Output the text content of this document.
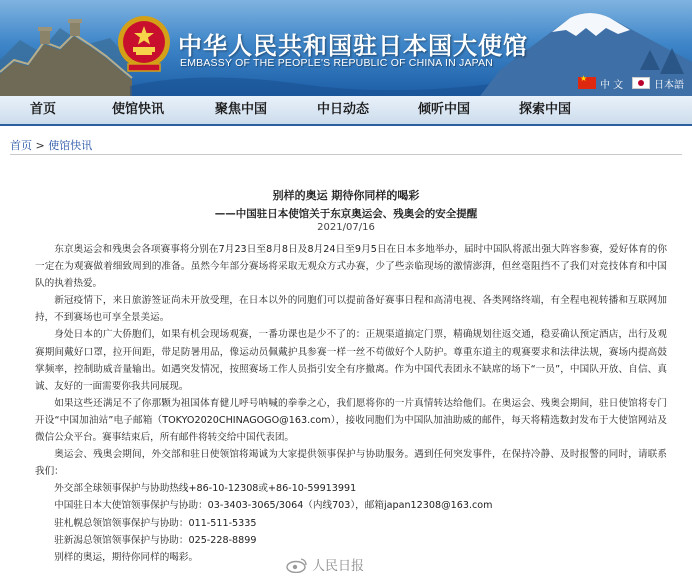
中华人民共和国驻日本国大使馆
EMBASSY OF THE PEOPLE'S REPUBLIC OF CHINA IN JAPAN
★
中 文	日本語
首页	使馆快讯	聚焦中国	中日动态	倾听中国	探索中国
首页 > 使馆快讯
别样的奥运 期待你同样的喝彩
——中国驻日本使馆关于东京奥运会、残奥会的安全提醒
2021/07/16

东京奥运会和残奥会各项赛事将分别在7月23日至8月8日及8月24日至9月5日在日本多地举办，届时中国队将派出强大阵容参赛，爱好体育的你一定在为观赛做着细致周到的准备。虽然今年部分赛场将采取无观众方式办赛，少了些亲临现场的激情澎湃，但丝毫阻挡不了我们对竞技体育和中国队的执着热爱。

新冠疫情下，来日旅游签证尚未开放受理，在日本以外的同胞们可以提前备好赛事日程和高清电视、各类网络终端，有全程电视转播和互联网加持，不到赛场也可享全景美运。

身处日本的广大侨胞们，如果有机会现场观赛，一番功课也是少不了的：正规渠道搞定门票，精确规划往返交通，稳妥确认预定酒店，出行及观赛期间戴好口罩，拉开间距，带足防暑用品，像运动员佩戴护具参赛一样一丝不苟做好个人防护。尊重东道主的观赛要求和法律法规，赛场内提高鼓掌频率，控制助威音量输出。如遇突发情况，按照赛场工作人员指引安全有序撤离。作为中国代表团永不缺席的场下“一员”，中国队开放、自信、真诚、友好的一面需要你我共同展现。

如果这些还满足不了你那颗为祖国体育健儿呼号呐喊的拳拳之心，我们愿将你的一片真情转达给他们。在奥运会、残奥会期间，驻日使馆将专门开设“中国加油站”电子邮箱（TOKYO2020CHINAGOGO@163.com），接收同胞们为中国队加油助威的邮件，每天将精选数封发布于大使馆网站及微信公众平台。赛事结束后，所有邮件将转交给中国代表团。

奥运会、残奥会期间，外交部和驻日使领馆将竭诚为大家提供领事保护与协助服务。遇到任何突发事件，在保持冷静、及时报警的同时，请联系我们：

外交部全球领事保护与协助热线+86-10-12308或+86-10-59913991

中国驻日本大使馆领事保护与协助：03-3403-3065/3064（内线703），邮箱japan12308@163.com

驻札幌总领馆领事保护与协助：011-511-5335

驻新潟总领馆领事保护与协助：025-228-8899

别样的奥运，期待你同样的喝彩。

人民日报
